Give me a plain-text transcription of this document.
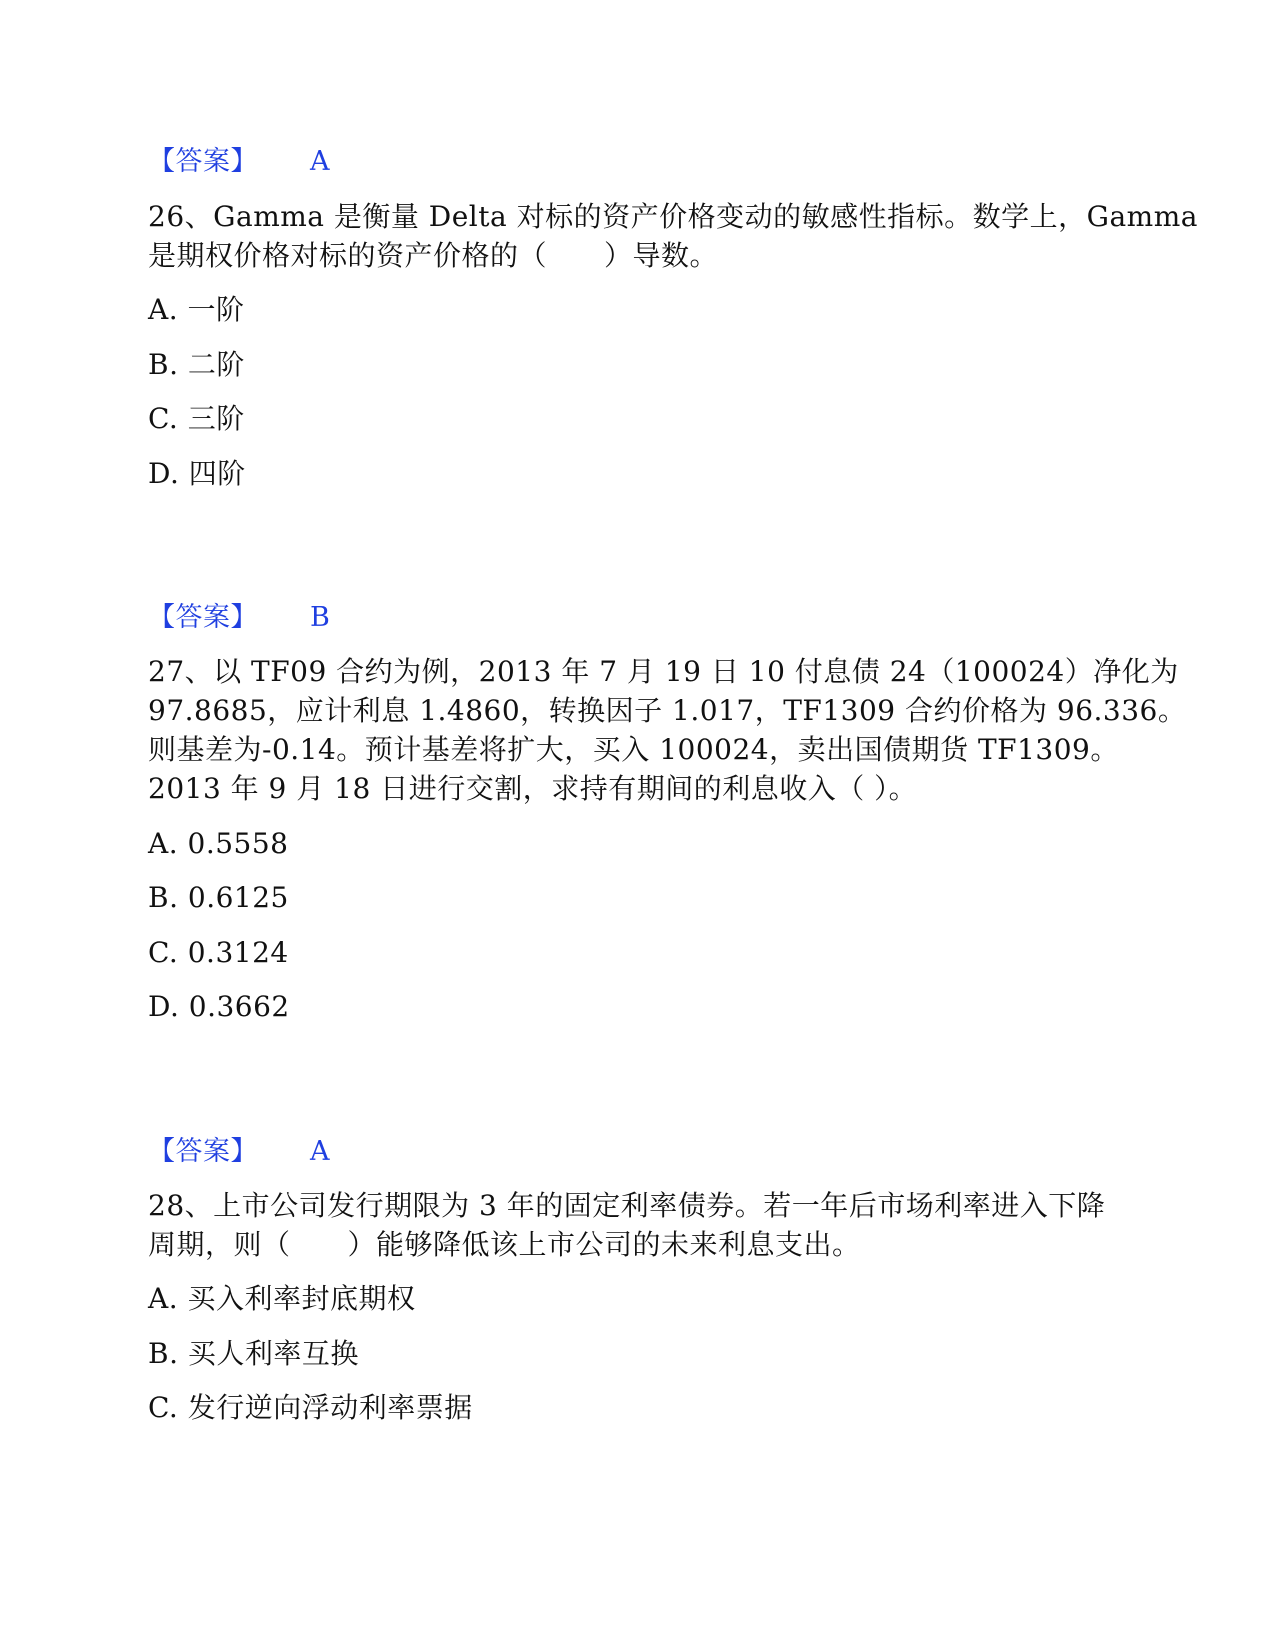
【答案】 A
26、Gamma 是衡量 Delta 对标的资产价格变动的敏感性指标。数学上，Gamma
是期权价格对标的资产价格的（　　）导数。
A. 一阶
B. 二阶
C. 三阶
D. 四阶
【答案】 B
27、以 TF09 合约为例，2013 年 7 月 19 日 10 付息债 24（100024）净化为
97.8685，应计利息 1.4860，转换因子 1.017，TF1309 合约价格为 96.336。
则基差为-0.14。预计基差将扩大，买入 100024，卖出国债期货 TF1309。
2013 年 9 月 18 日进行交割，求持有期间的利息收入（ ）。
A. 0.5558
B. 0.6125
C. 0.3124
D. 0.3662
【答案】 A
28、上市公司发行期限为 3 年的固定利率债券。若一年后市场利率进入下降
周期，则（　　）能够降低该上市公司的未来利息支出。
A. 买入利率封底期权
B. 买人利率互换
C. 发行逆向浮动利率票据
